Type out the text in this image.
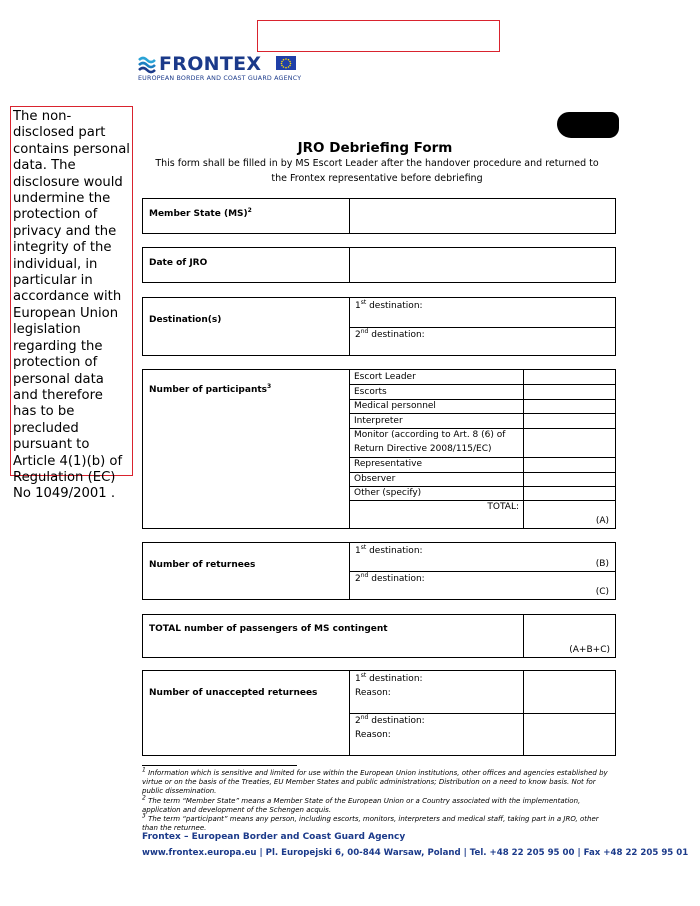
FRONTEX
EUROPEAN BORDER AND COAST GUARD AGENCY
The non-disclosed part contains personal data. The disclosure would undermine the protection of privacy and the integrity of the individual, in particular in accordance with European Union legislation regarding the protection of personal data and therefore has to be precluded pursuant to Article 4(1)(b) of Regulation (EC) No 1049/2001 .
JRO Debriefing Form
This form shall be filled in by MS Escort Leader after the handover procedure and returned to
the Frontex representative before debriefing
Member State (MS)$^2$
Date of JRO
Destination(s)
1st destination:
2nd destination:
Number of participants$^3$
Escort Leader
Escorts
Medical personnel
Interpreter
Monitor (according to Art. 8 (6) of
Return Directive 2008/115/EC)
Representative
Observer
Other (specify)
TOTAL:
(A)
Number of returnees
1st destination:
(B)
2nd destination:
(C)
TOTAL number of passengers of MS contingent
(A+B+C)
Number of unaccepted returnees
1st destination:
Reason:
2nd destination:
Reason:
$^1$ Information which is sensitive and limited for use within the European Union institutions, other offices and agencies established by virtue or on the basis of the Treaties, EU Member States and public administrations; Distribution on a need to know basis. Not for public dissemination.
$^2$ The term “Member State” means a Member State of the European Union or a Country associated with the implementation, application and development of the Schengen acquis.
$^3$ The term “participant” means any person, including escorts, monitors, interpreters and medical staff, taking part in a JRO, other than the returnee.
Frontex – European Border and Coast Guard Agency
www.frontex.europa.eu | Pl. Europejski 6, 00-844 Warsaw, Poland | Tel. +48 22 205 95 00 | Fax +48 22 205 95 01
